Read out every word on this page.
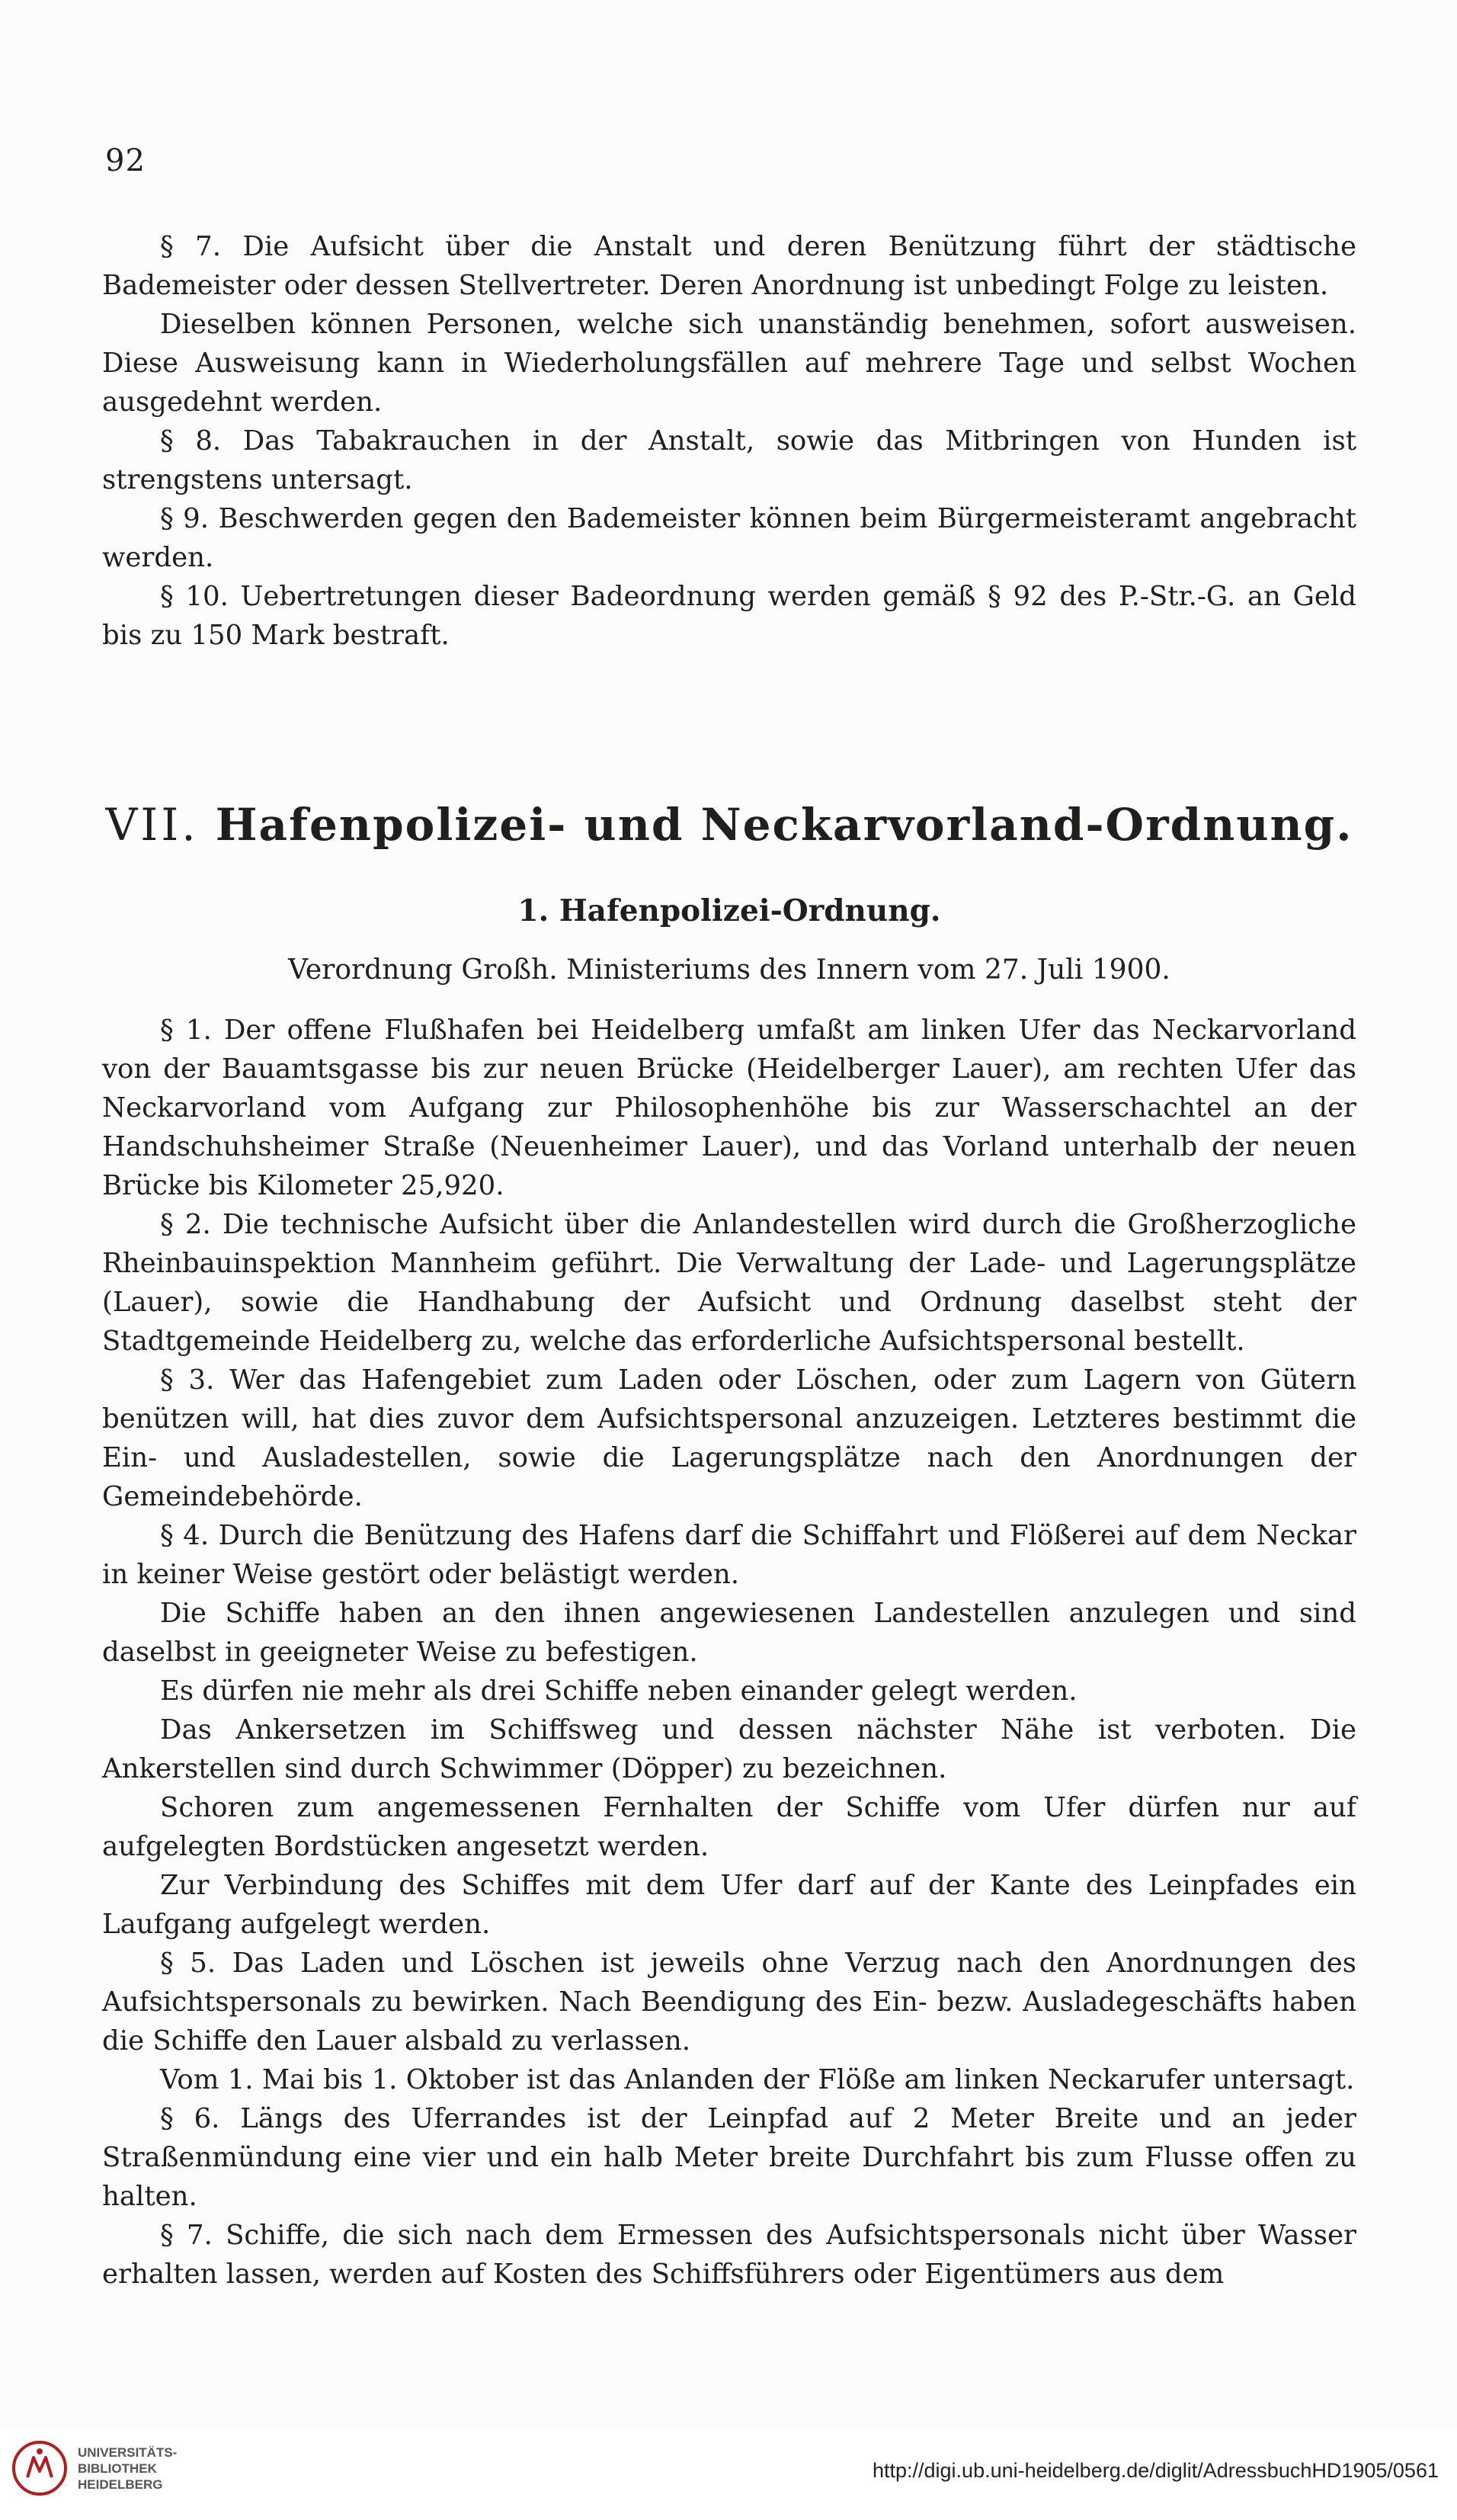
92

§ 7. Die Aufsicht über die Anstalt und deren Benützung führt der städtische Bademeister oder dessen Stellvertreter. Deren Anordnung ist unbedingt Folge zu leisten.

Dieselben können Personen, welche sich unanständig benehmen, sofort ausweisen. Diese Ausweisung kann in Wiederholungsfällen auf mehrere Tage und selbst Wochen ausgedehnt werden.

§ 8. Das Tabakrauchen in der Anstalt, sowie das Mitbringen von Hunden ist strengstens untersagt.

§ 9. Beschwerden gegen den Bademeister können beim Bürgermeisteramt angebracht werden.

§ 10. Uebertretungen dieser Badeordnung werden gemäß § 92 des P.-Str.-G. an Geld bis zu 150 Mark bestraft.

VII. Hafenpolizei- und Neckarvorland-Ordnung.
1. Hafenpolizei-Ordnung.

Verordnung Großh. Ministeriums des Innern vom 27. Juli 1900.

§ 1. Der offene Flußhafen bei Heidelberg umfaßt am linken Ufer das Neckarvorland von der Bauamtsgasse bis zur neuen Brücke (Heidelberger Lauer), am rechten Ufer das Neckarvorland vom Aufgang zur Philosophenhöhe bis zur Wasserschachtel an der Handschuhsheimer Straße (Neuenheimer Lauer), und das Vorland unterhalb der neuen Brücke bis Kilometer 25,920.

§ 2. Die technische Aufsicht über die Anlandestellen wird durch die Großherzogliche Rheinbauinspektion Mannheim geführt. Die Verwaltung der Lade- und Lagerungsplätze (Lauer), sowie die Handhabung der Aufsicht und Ordnung daselbst steht der Stadtgemeinde Heidelberg zu, welche das erforderliche Aufsichtspersonal bestellt.

§ 3. Wer das Hafengebiet zum Laden oder Löschen, oder zum Lagern von Gütern benützen will, hat dies zuvor dem Aufsichtspersonal anzuzeigen. Letzteres bestimmt die Ein- und Ausladestellen, sowie die Lagerungsplätze nach den Anordnungen der Gemeindebehörde.

§ 4. Durch die Benützung des Hafens darf die Schiffahrt und Flößerei auf dem Neckar in keiner Weise gestört oder belästigt werden.

Die Schiffe haben an den ihnen angewiesenen Landestellen anzulegen und sind daselbst in geeigneter Weise zu befestigen.

Es dürfen nie mehr als drei Schiffe neben einander gelegt werden.

Das Ankersetzen im Schiffsweg und dessen nächster Nähe ist verboten. Die Ankerstellen sind durch Schwimmer (Döpper) zu bezeichnen.

Schoren zum angemessenen Fernhalten der Schiffe vom Ufer dürfen nur auf aufgelegten Bordstücken angesetzt werden.

Zur Verbindung des Schiffes mit dem Ufer darf auf der Kante des Leinpfades ein Laufgang aufgelegt werden.

§ 5. Das Laden und Löschen ist jeweils ohne Verzug nach den Anordnungen des Aufsichtspersonals zu bewirken. Nach Beendigung des Ein- bezw. Ausladegeschäfts haben die Schiffe den Lauer alsbald zu verlassen.

Vom 1. Mai bis 1. Oktober ist das Anlanden der Flöße am linken Neckarufer untersagt.

§ 6. Längs des Uferrandes ist der Leinpfad auf 2 Meter Breite und an jeder Straßenmündung eine vier und ein halb Meter breite Durchfahrt bis zum Flusse offen zu halten.

§ 7. Schiffe, die sich nach dem Ermessen des Aufsichtspersonals nicht über Wasser erhalten lassen, werden auf Kosten des Schiffsführers oder Eigentümers aus dem

UNIVERSITÄTS-
BIBLIOTHEK
HEIDELBERG
http://digi.ub.uni-heidelberg.de/diglit/AdressbuchHD1905/0561
